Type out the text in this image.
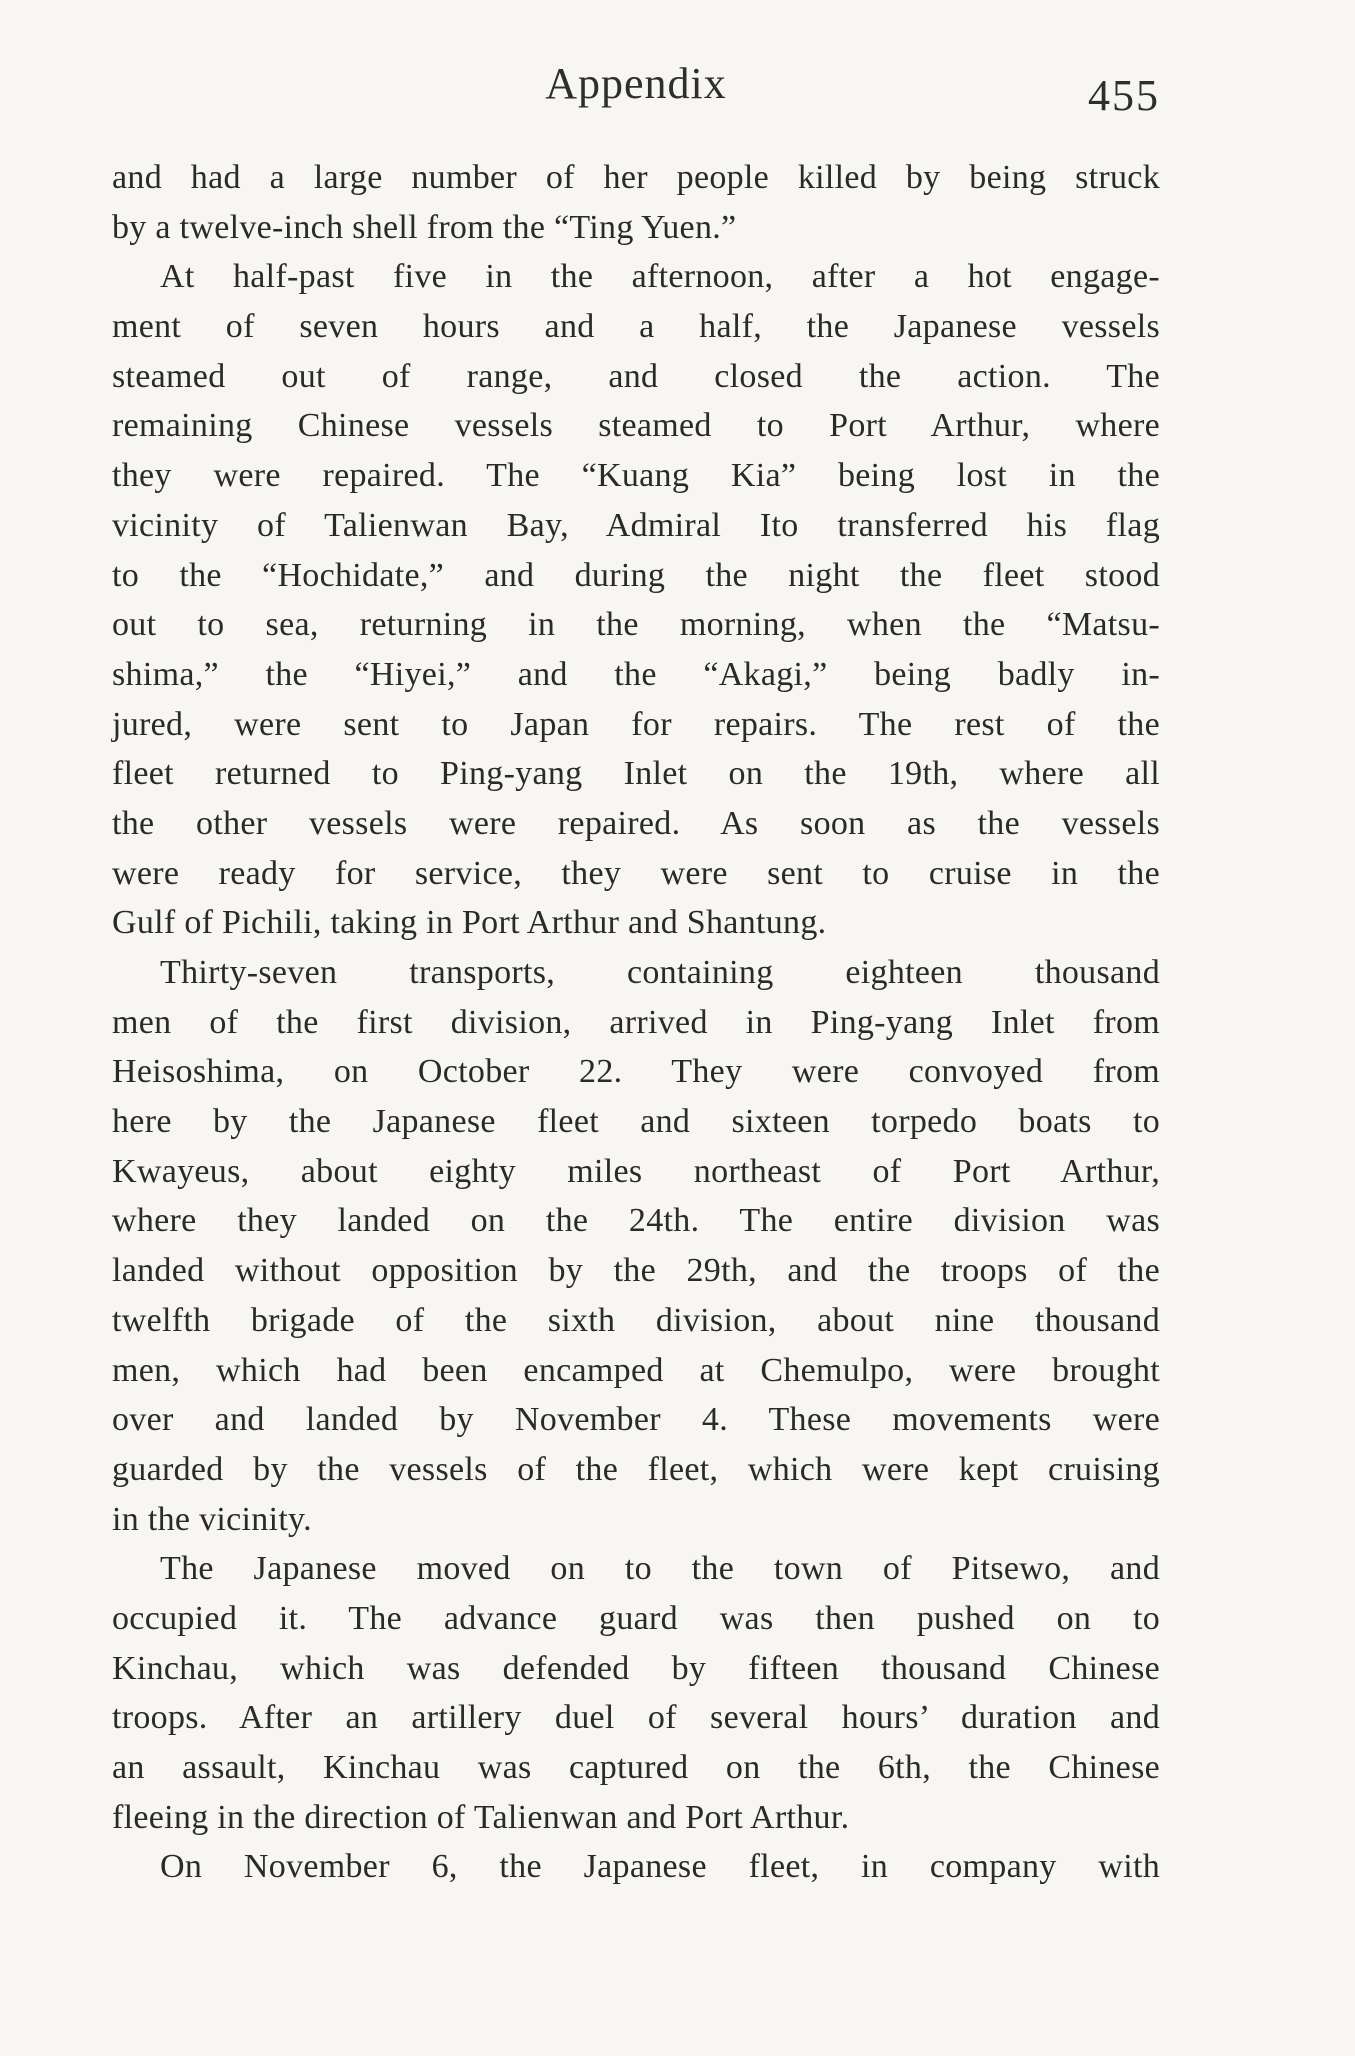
Appendix	455
and had a large number of her people killed by being struck
by a twelve-inch shell from the “Ting Yuen.”
At half-past five in the afternoon, after a hot engage-
ment of seven hours and a half, the Japanese vessels
steamed out of range, and closed the action. The
remaining Chinese vessels steamed to Port Arthur, where
they were repaired. The “Kuang Kia” being lost in the
vicinity of Talienwan Bay, Admiral Ito transferred his flag
to the “Hochidate,” and during the night the fleet stood
out to sea, returning in the morning, when the “Matsu-
shima,” the “Hiyei,” and the “Akagi,” being badly in-
jured, were sent to Japan for repairs. The rest of the
fleet returned to Ping-yang Inlet on the 19th, where all
the other vessels were repaired. As soon as the vessels
were ready for service, they were sent to cruise in the
Gulf of Pichili, taking in Port Arthur and Shantung.
Thirty-seven transports, containing eighteen thousand
men of the first division, arrived in Ping-yang Inlet from
Heisoshima, on October 22. They were convoyed from
here by the Japanese fleet and sixteen torpedo boats to
Kwayeus, about eighty miles northeast of Port Arthur,
where they landed on the 24th. The entire division was
landed without opposition by the 29th, and the troops of the
twelfth brigade of the sixth division, about nine thousand
men, which had been encamped at Chemulpo, were brought
over and landed by November 4. These movements were
guarded by the vessels of the fleet, which were kept cruising
in the vicinity.
The Japanese moved on to the town of Pitsewo, and
occupied it. The advance guard was then pushed on to
Kinchau, which was defended by fifteen thousand Chinese
troops. After an artillery duel of several hours’ duration and
an assault, Kinchau was captured on the 6th, the Chinese
fleeing in the direction of Talienwan and Port Arthur.
On November 6, the Japanese fleet, in company with
